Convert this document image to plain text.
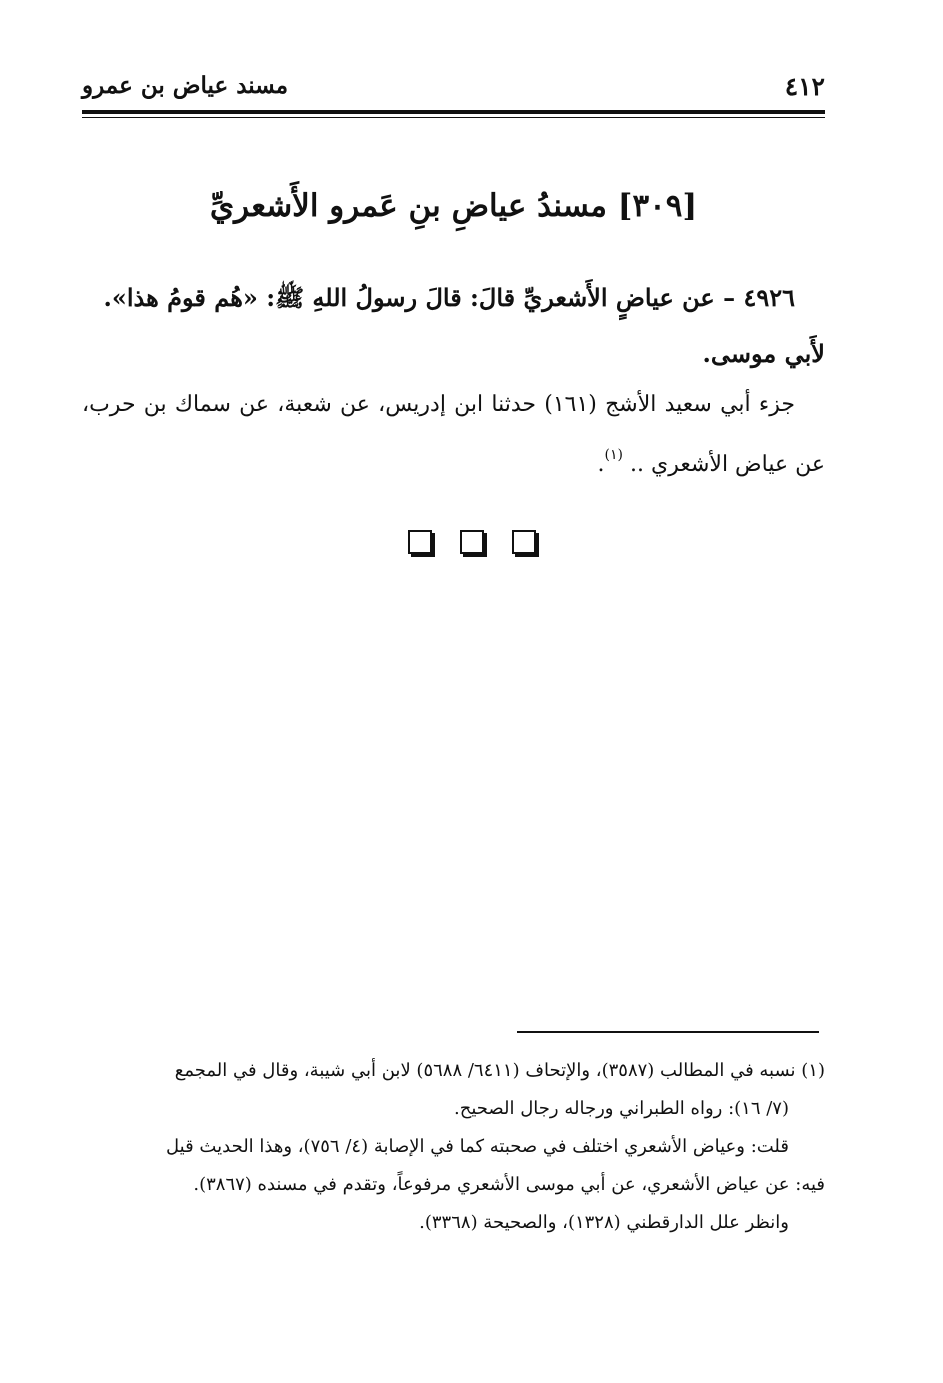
٤١٢
مسند عياض بن عمرو
[٣٠٩] مسندُ عياضِ بنِ عَمرو الأَشعريِّ
٤٩٢٦ – عن عياضٍ الأَشعريِّ قالَ: قالَ رسولُ اللهِ ﷺ: «هُم قومُ هذا».
لأَبي موسى.
جزء أبي سعيد الأشج (١٦١) حدثنا ابن إدريس، عن شعبة، عن سماك بن حرب، عن عياض الأشعري .. $^{(١)}$.

(١) نسبه في المطالب (٣٥٨٧)، والإتحاف (٦٤١١/ ٥٦٨٨) لابن أبي شيبة، وقال في المجمع

(٧/ ١٦): رواه الطبراني ورجاله رجال الصحيح.

قلت: وعياض الأشعري اختلف في صحبته كما في الإصابة (٤/ ٧٥٦)، وهذا الحديث قيل

فيه: عن عياض الأشعري، عن أبي موسى الأشعري مرفوعاً، وتقدم في مسنده (٣٨٦٧).

وانظر علل الدارقطني (١٣٢٨)، والصحيحة (٣٣٦٨).
